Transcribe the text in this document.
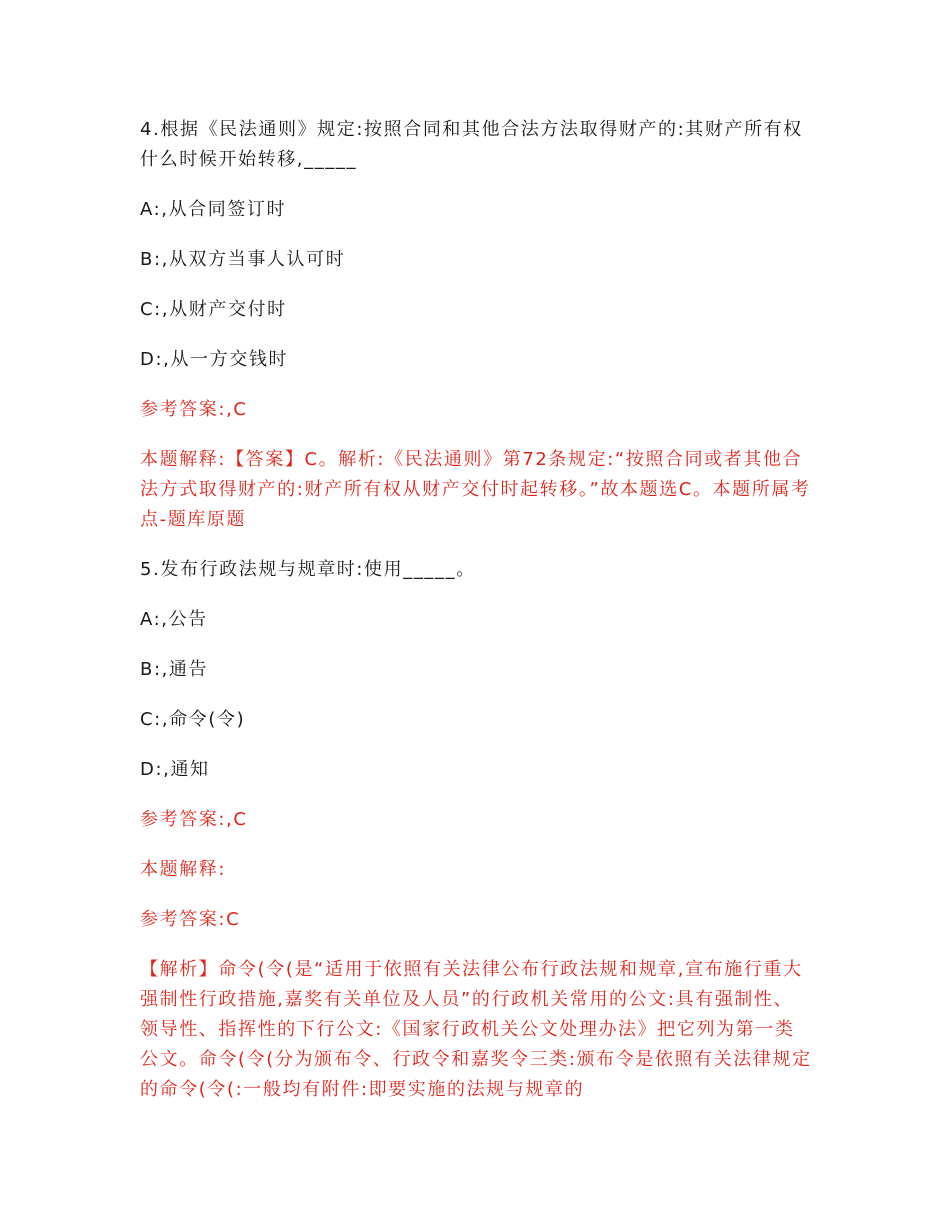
4.根据《民法通则》规定:按照合同和其他合法方法取得财产的:其财产所有权什么时候开始转移,_____

A:,从合同签订时

B:,从双方当事人认可时

C:,从财产交付时

D:,从一方交钱时

参考答案:,C

本题解释:【答案】C。解析:《民法通则》第72条规定:“按照合同或者其他合法方式取得财产的:财产所有权从财产交付时起转移。”故本题选C。本题所属考点-题库原题

5.发布行政法规与规章时:使用_____。

A:,公告

B:,通告

C:,命令(令)

D:,通知

参考答案:,C

本题解释:

参考答案:C

【解析】命令(令(是“适用于依照有关法律公布行政法规和规章,宣布施行重大强制性行政措施,嘉奖有关单位及人员”的行政机关常用的公文:具有强制性、领导性、指挥性的下行公文:《国家行政机关公文处理办法》把它列为第一类公文。命令(令(分为颁布令、行政令和嘉奖令三类:颁布令是依照有关法律规定的命令(令(:一般均有附件:即要实施的法规与规章的
